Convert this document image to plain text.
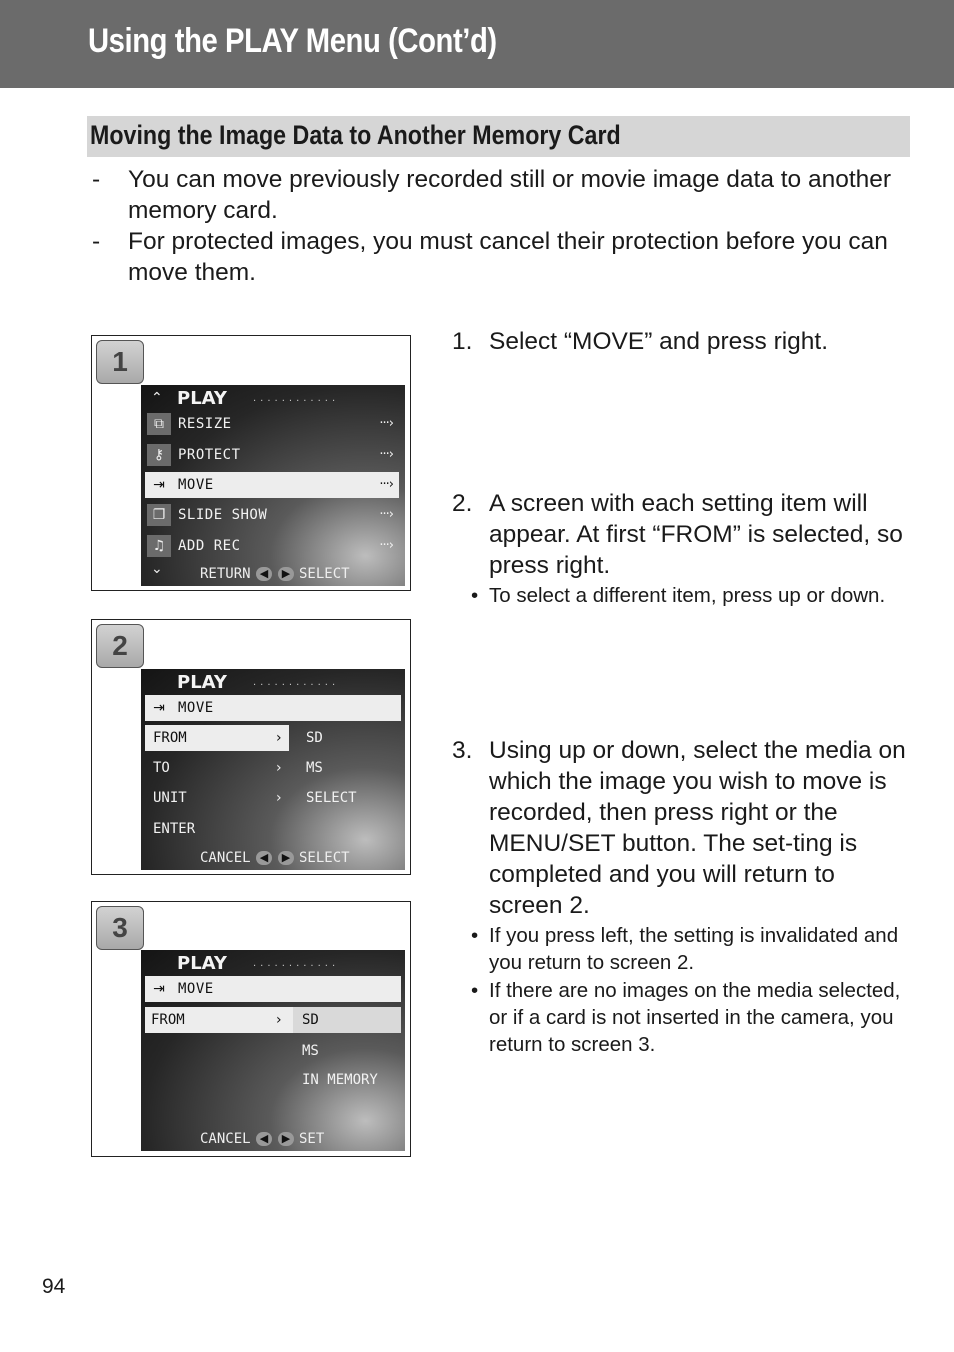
Using the PLAY Menu (Cont’d)
Moving the Image Data to Another Memory Card
- You can move previously recorded still or movie image data to another memory card.
- For protected images, you must cancel their protection before you can move them.
1
⌃ PLAY	············
⧉	RESIZE	···›
⚷ PROTECT	···›
⇥ MOVE	···›
❐ SLIDE SHOW	···›
♫ ADD REC	···›
⌄	RETURN ◀	▶ SELECT
2
PLAY	············
⇥ MOVE
FROM	› SD
TO	› MS
UNIT	› SELECT
ENTER
CANCEL ◀	▶ SELECT
3
PLAY	············
⇥ MOVE
FROM	› SD
MS
IN MEMORY
CANCEL ◀	▶ SET
1. Select “MOVE” and press right.
2. A screen with each setting item will appear. At first “FROM” is selected, so press right.
• To select a different item, press up or down.
3. Using up or down, select the media on which the image you wish to move is recorded, then press right or the MENU/SET button. The set-ting is completed and you will return to screen 2.
• If you press left, the setting is invalidated and you return to screen 2.
• If there are no images on the media selected, or if a card is not inserted in the camera, you return to screen 3.
94
